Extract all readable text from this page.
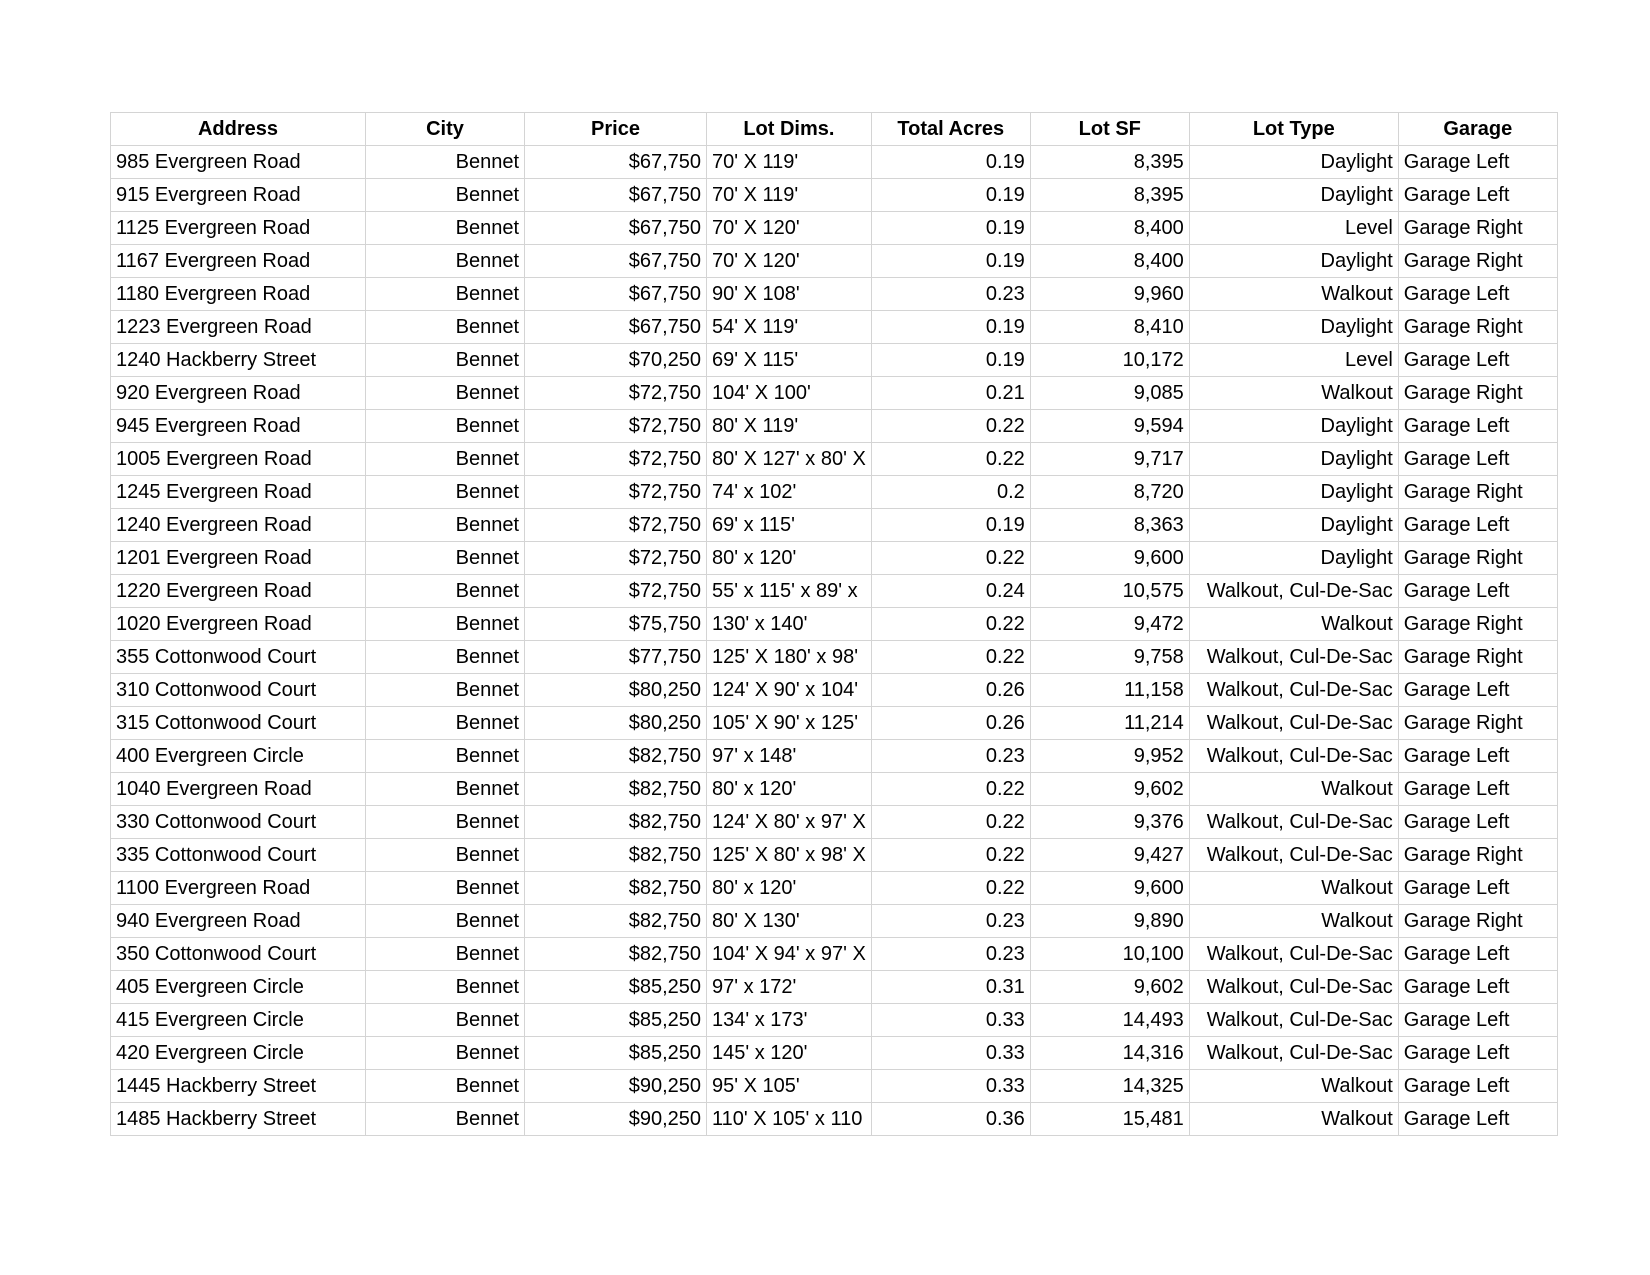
Address	City	Price	Lot Dims.	Total Acres	Lot SF	Lot Type	Garage
985 Evergreen Road	Bennet	$67,750	70' X 119'	0.19	8,395	Daylight	Garage Left
915 Evergreen Road	Bennet	$67,750	70' X 119'	0.19	8,395	Daylight	Garage Left
1125 Evergreen Road	Bennet	$67,750	70' X 120'	0.19	8,400	Level	Garage Right
1167 Evergreen Road	Bennet	$67,750	70' X 120'	0.19	8,400	Daylight	Garage Right
1180 Evergreen Road	Bennet	$67,750	90' X 108'	0.23	9,960	Walkout	Garage Left
1223 Evergreen Road	Bennet	$67,750	54' X 119'	0.19	8,410	Daylight	Garage Right
1240 Hackberry Street	Bennet	$70,250	69' X 115'	0.19	10,172	Level	Garage Left
920 Evergreen Road	Bennet	$72,750	104' X 100'	0.21	9,085	Walkout	Garage Right
945 Evergreen Road	Bennet	$72,750	80' X 119'	0.22	9,594	Daylight	Garage Left
1005 Evergreen Road	Bennet	$72,750	80' X 127' x 80' X	0.22	9,717	Daylight	Garage Left
1245 Evergreen Road	Bennet	$72,750	74' x 102'	0.2	8,720	Daylight	Garage Right
1240 Evergreen Road	Bennet	$72,750	69' x 115'	0.19	8,363	Daylight	Garage Left
1201 Evergreen Road	Bennet	$72,750	80' x 120'	0.22	9,600	Daylight	Garage Right
1220 Evergreen Road	Bennet	$72,750	55' x 115' x 89' x	0.24	10,575	Walkout, Cul-De-Sac	Garage Left
1020 Evergreen Road	Bennet	$75,750	130' x 140'	0.22	9,472	Walkout	Garage Right
355 Cottonwood Court	Bennet	$77,750	125' X 180' x 98'	0.22	9,758	Walkout, Cul-De-Sac	Garage Right
310 Cottonwood Court	Bennet	$80,250	124' X 90' x 104'	0.26	11,158	Walkout, Cul-De-Sac	Garage Left
315 Cottonwood Court	Bennet	$80,250	105' X 90' x 125'	0.26	11,214	Walkout, Cul-De-Sac	Garage Right
400 Evergreen Circle	Bennet	$82,750	97' x 148'	0.23	9,952	Walkout, Cul-De-Sac	Garage Left
1040 Evergreen Road	Bennet	$82,750	80' x 120'	0.22	9,602	Walkout	Garage Left
330 Cottonwood Court	Bennet	$82,750	124' X 80' x 97' X	0.22	9,376	Walkout, Cul-De-Sac	Garage Left
335 Cottonwood Court	Bennet	$82,750	125' X 80' x 98' X	0.22	9,427	Walkout, Cul-De-Sac	Garage Right
1100 Evergreen Road	Bennet	$82,750	80' x 120'	0.22	9,600	Walkout	Garage Left
940 Evergreen Road	Bennet	$82,750	80' X 130'	0.23	9,890	Walkout	Garage Right
350 Cottonwood Court	Bennet	$82,750	104' X 94' x 97' X	0.23	10,100	Walkout, Cul-De-Sac	Garage Left
405 Evergreen Circle	Bennet	$85,250	97' x 172'	0.31	9,602	Walkout, Cul-De-Sac	Garage Left
415 Evergreen Circle	Bennet	$85,250	134' x 173'	0.33	14,493	Walkout, Cul-De-Sac	Garage Left
420 Evergreen Circle	Bennet	$85,250	145' x 120'	0.33	14,316	Walkout, Cul-De-Sac	Garage Left
1445 Hackberry Street	Bennet	$90,250	95' X 105'	0.33	14,325	Walkout	Garage Left
1485 Hackberry Street	Bennet	$90,250	110' X 105' x 110	0.36	15,481	Walkout	Garage Left
